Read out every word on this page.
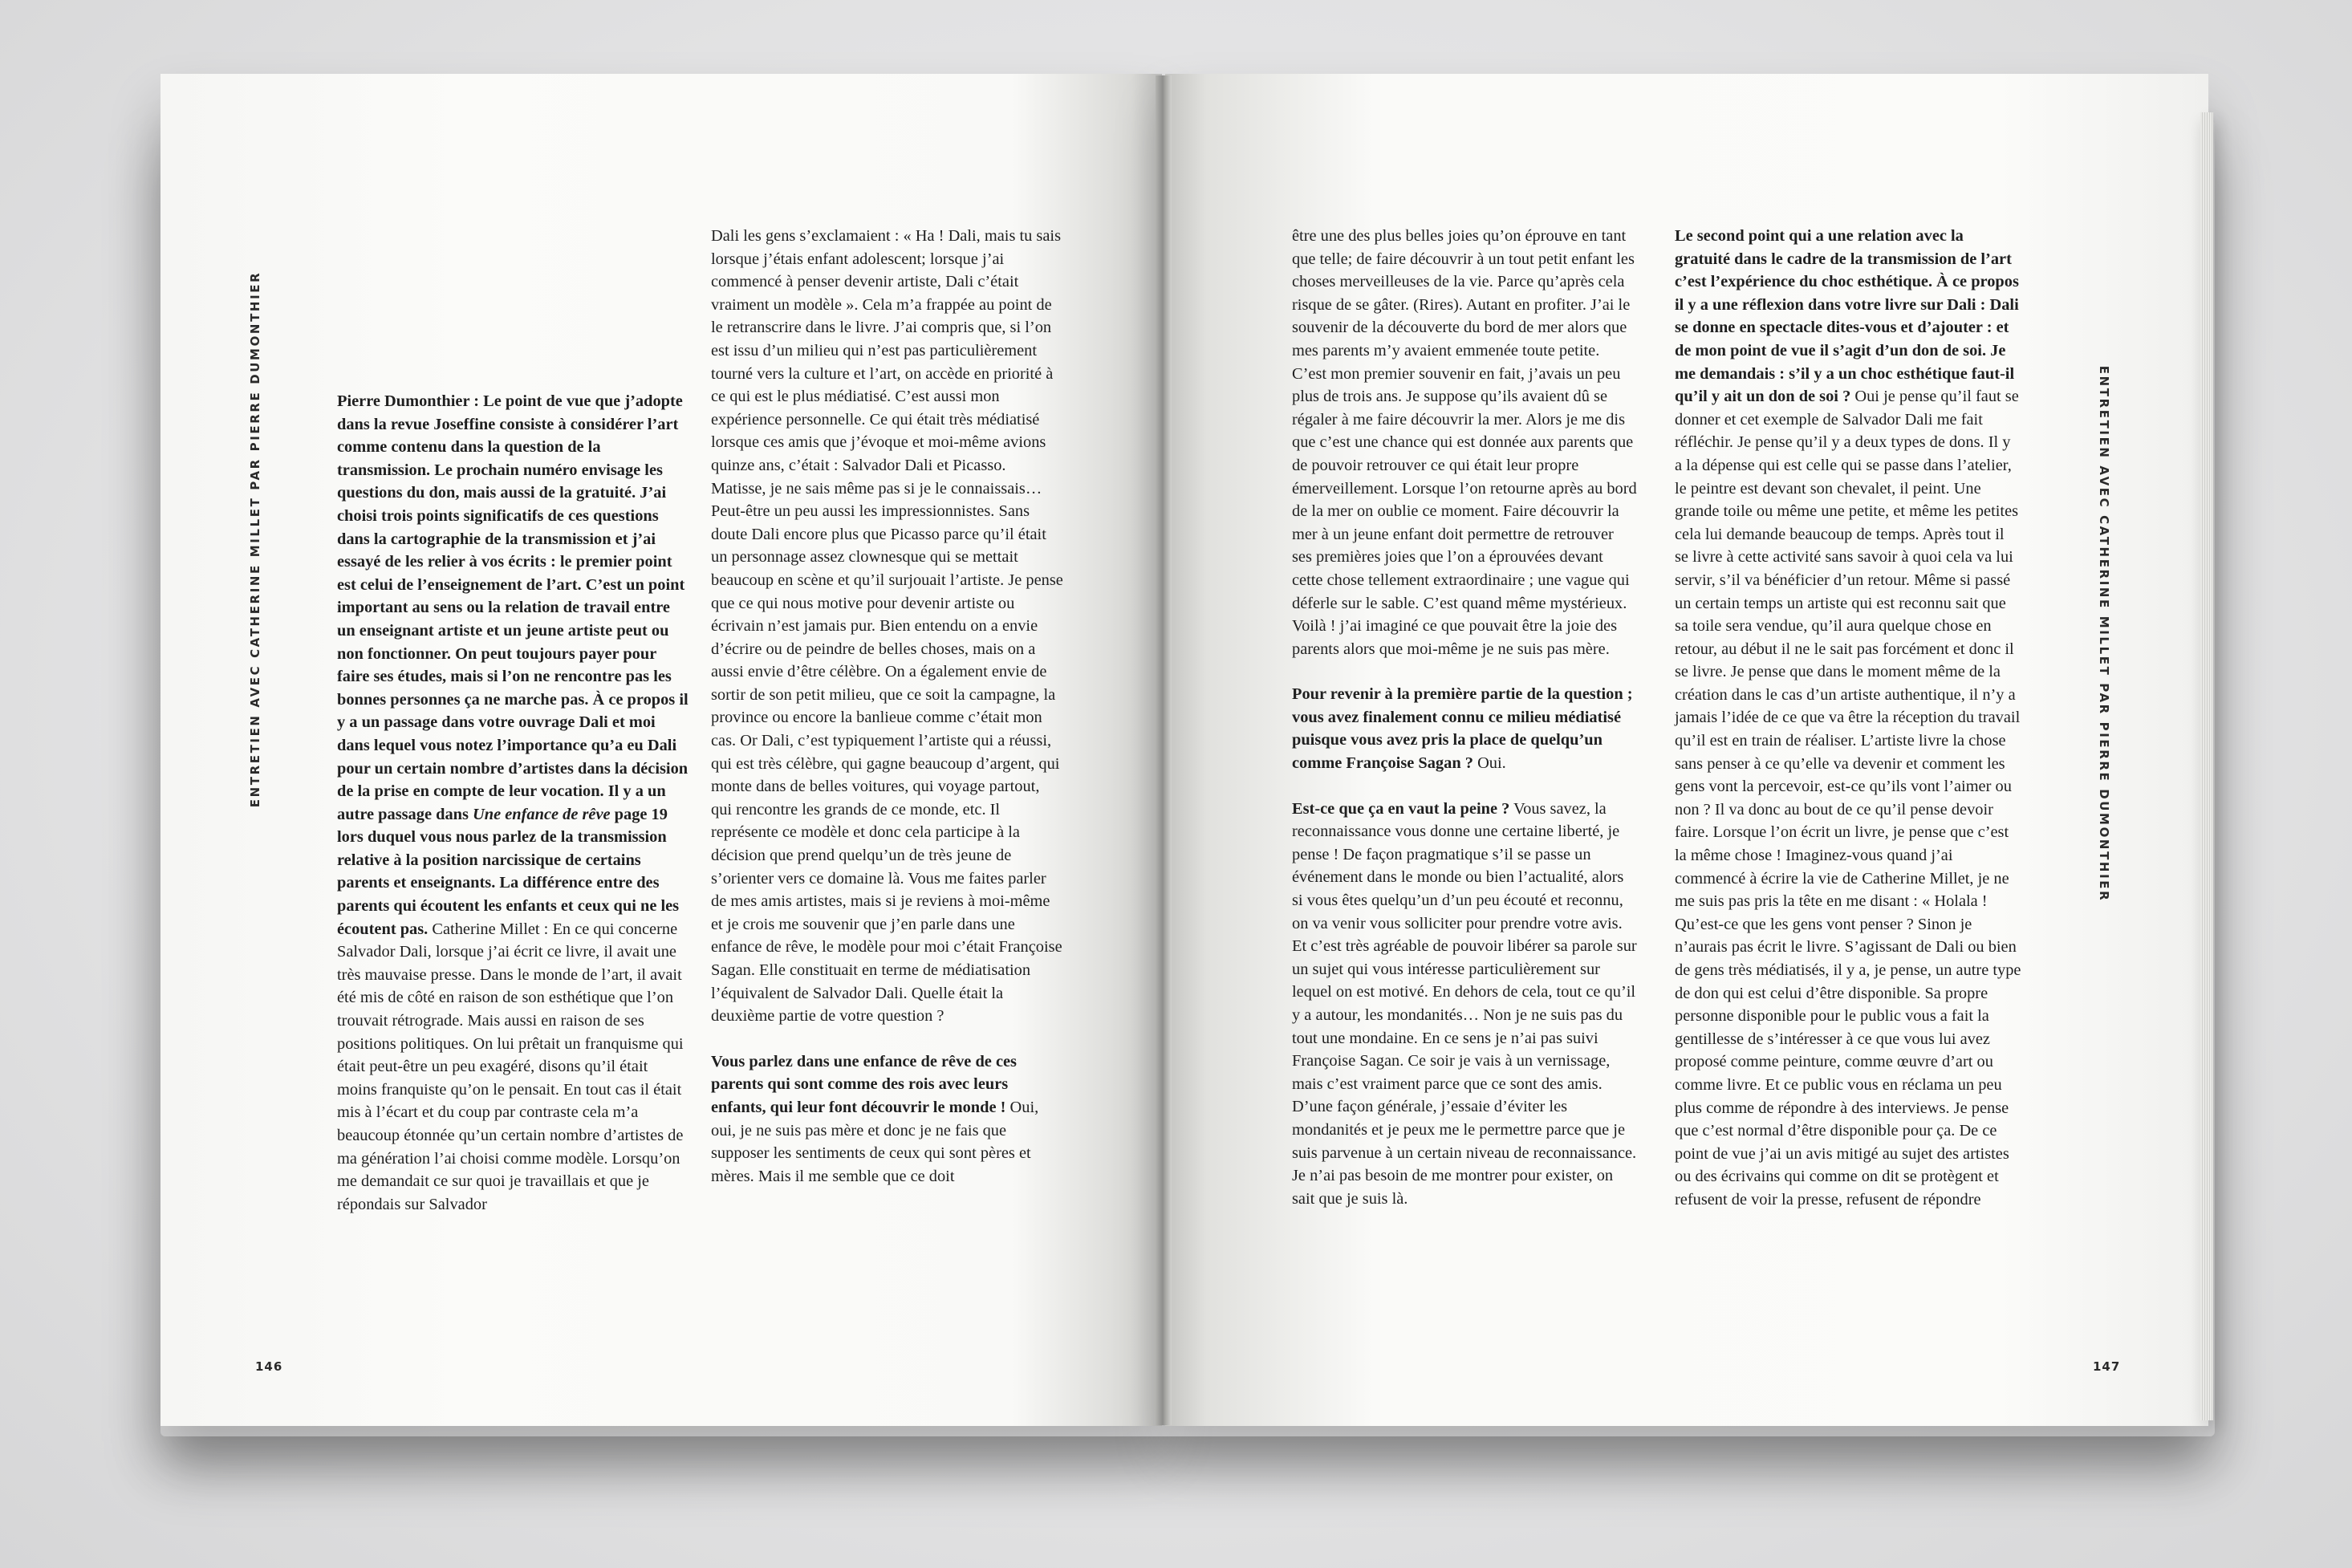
ENTRETIEN AVEC CATHERINE MILLET PAR PIERRE DUMONTHIER	ENTRETIEN AVEC CATHERINE MILLET PAR PIERRE DUMONTHIER

Pierre Dumonthier : Le point de vue que j’adopte dans la revue Joseffine consiste à considérer l’art comme contenu dans la question de la transmission. Le prochain numéro envisage les questions du don, mais aussi de la gratuité. J’ai choisi trois points significatifs de ces questions dans la cartographie de la transmission et j’ai essayé de les relier à vos écrits : le premier point est celui de l’enseignement de l’art. C’est un point important au sens ou la relation de travail entre un enseignant artiste et un jeune artiste peut ou non fonctionner. On peut toujours payer pour faire ses études, mais si l’on ne rencontre pas les bonnes personnes ça ne marche pas. À ce propos il y a un passage dans votre ouvrage Dali et moi dans lequel vous notez l’importance qu’a eu Dali pour un certain nombre d’artistes dans la décision de la prise en compte de leur vocation. Il y a un autre passage dans Une enfance de rêve page 19 lors duquel vous nous parlez de la transmission relative à la position narcissique de certains parents et enseignants. La différence entre des parents qui écoutent les enfants et ceux qui ne les écoutent pas. Catherine Millet : En ce qui concerne Salvador Dali, lorsque j’ai écrit ce livre, il avait une très mauvaise presse. Dans le monde de l’art, il avait été mis de côté en raison de son esthétique que l’on trouvait rétrograde. Mais aussi en raison de ses positions politiques. On lui prêtait un franquisme qui était peut-être un peu exagéré, disons qu’il était moins franquiste qu’on le pensait. En tout cas il était mis à l’écart et du coup par contraste cela m’a beaucoup étonnée qu’un certain nombre d’artistes de ma génération l’ai choisi comme modèle. Lorsqu’on me demandait ce sur quoi je travaillais et que je répondais sur Salvador

Dali les gens s’exclamaient : « Ha ! Dali, mais tu sais lorsque j’étais enfant adolescent; lorsque j’ai commencé à penser devenir artiste, Dali c’était vraiment un modèle ». Cela m’a frappée au point de le retranscrire dans le livre. J’ai compris que, si l’on est issu d’un milieu qui n’est pas particulièrement tourné vers la culture et l’art, on accède en priorité à ce qui est le plus médiatisé. C’est aussi mon expérience personnelle. Ce qui était très médiatisé lorsque ces amis que j’évoque et moi-même avions quinze ans, c’était : Salvador Dali et Picasso. Matisse, je ne sais même pas si je le connaissais… Peut-être un peu aussi les impressionnistes. Sans doute Dali encore plus que Picasso parce qu’il était un personnage assez clownesque qui se mettait beaucoup en scène et qu’il surjouait l’artiste. Je pense que ce qui nous motive pour devenir artiste ou écrivain n’est jamais pur. Bien entendu on a envie d’écrire ou de peindre de belles choses, mais on a aussi envie d’être célèbre. On a également envie de sortir de son petit milieu, que ce soit la campagne, la province ou encore la banlieue comme c’était mon cas. Or Dali, c’est typiquement l’artiste qui a réussi, qui est très célèbre, qui gagne beaucoup d’argent, qui monte dans de belles voitures, qui voyage partout, qui rencontre les grands de ce monde, etc. Il représente ce modèle et donc cela participe à la décision que prend quelqu’un de très jeune de s’orienter vers ce domaine là. Vous me faites parler de mes amis artistes, mais si je reviens à moi-même et je crois me souvenir que j’en parle dans une enfance de rêve, le modèle pour moi c’était Françoise Sagan. Elle constituait en terme de médiatisation l’équivalent de Salvador Dali. Quelle était la deuxième partie de votre question ?

Vous parlez dans une enfance de rêve de ces parents qui sont comme des rois avec leurs enfants, qui leur font découvrir le monde ! Oui, oui, je ne suis pas mère et donc je ne fais que supposer les sentiments de ceux qui sont pères et mères. Mais il me semble que ce doit

être une des plus belles joies qu’on éprouve en tant que telle; de faire découvrir à un tout petit enfant les choses merveilleuses de la vie. Parce qu’après cela risque de se gâter. (Rires). Autant en profiter. J’ai le souvenir de la découverte du bord de mer alors que mes parents m’y avaient emmenée toute petite. C’est mon premier souvenir en fait, j’avais un peu plus de trois ans. Je suppose qu’ils avaient dû se régaler à me faire découvrir la mer. Alors je me dis que c’est une chance qui est donnée aux parents que de pouvoir retrouver ce qui était leur propre émerveillement. Lorsque l’on retourne après au bord de la mer on oublie ce moment. Faire découvrir la mer à un jeune enfant doit permettre de retrouver ses premières joies que l’on a éprouvées devant cette chose tellement extraordinaire ; une vague qui déferle sur le sable. C’est quand même mystérieux. Voilà ! j’ai imaginé ce que pouvait être la joie des parents alors que moi-même je ne suis pas mère.

Pour revenir à la première partie de la question ; vous avez finalement connu ce milieu médiatisé puisque vous avez pris la place de quelqu’un comme Françoise Sagan ? Oui.

Est-ce que ça en vaut la peine ? Vous savez, la reconnaissance vous donne une certaine liberté, je pense ! De façon pragmatique s’il se passe un événement dans le monde ou bien l’actualité, alors si vous êtes quelqu’un d’un peu écouté et reconnu, on va venir vous solliciter pour prendre votre avis. Et c’est très agréable de pouvoir libérer sa parole sur un sujet qui vous intéresse particulièrement sur lequel on est motivé. En dehors de cela, tout ce qu’il y a autour, les mondanités… Non je ne suis pas du tout une mondaine. En ce sens je n’ai pas suivi Françoise Sagan. Ce soir je vais à un vernissage, mais c’est vraiment parce que ce sont des amis. D’une façon générale, j’essaie d’éviter les mondanités et je peux me le permettre parce que je suis parvenue à un certain niveau de reconnaissance. Je n’ai pas besoin de me montrer pour exister, on sait que je suis là.

Le second point qui a une relation avec la gratuité dans le cadre de la transmission de l’art c’est l’expérience du choc esthétique. À ce propos il y a une réflexion dans votre livre sur Dali : Dali se donne en spectacle dites-vous et d’ajouter : et de mon point de vue il s’agit d’un don de soi. Je me demandais : s’il y a un choc esthétique faut-il qu’il y ait un don de soi ? Oui je pense qu’il faut se donner et cet exemple de Salvador Dali me fait réfléchir. Je pense qu’il y a deux types de dons. Il y a la dépense qui est celle qui se passe dans l’atelier, le peintre est devant son chevalet, il peint. Une grande toile ou même une petite, et même les petites cela lui demande beaucoup de temps. Après tout il se livre à cette activité sans savoir à quoi cela va lui servir, s’il va bénéficier d’un retour. Même si passé un certain temps un artiste qui est reconnu sait que sa toile sera vendue, qu’il aura quelque chose en retour, au début il ne le sait pas forcément et donc il se livre. Je pense que dans le moment même de la création dans le cas d’un artiste authentique, il n’y a jamais l’idée de ce que va être la réception du travail qu’il est en train de réaliser. L’artiste livre la chose sans penser à ce qu’elle va devenir et comment les gens vont la percevoir, est-ce qu’ils vont l’aimer ou non ? Il va donc au bout de ce qu’il pense devoir faire. Lorsque l’on écrit un livre, je pense que c’est la même chose ! Imaginez-vous quand j’ai commencé à écrire la vie de Catherine Millet, je ne me suis pas pris la tête en me disant : « Holala ! Qu’est-ce que les gens vont penser ? Sinon je n’aurais pas écrit le livre. S’agissant de Dali ou bien de gens très médiatisés, il y a, je pense, un autre type de don qui est celui d’être disponible. Sa propre personne disponible pour le public vous a fait la gentillesse de s’intéresser à ce que vous lui avez proposé comme peinture, comme œuvre d’art ou comme livre. Et ce public vous en réclama un peu plus comme de répondre à des interviews. Je pense que c’est normal d’être disponible pour ça. De ce point de vue j’ai un avis mitigé au sujet des artistes ou des écrivains qui comme on dit se protègent et refusent de voir la presse, refusent de répondre

146	147
